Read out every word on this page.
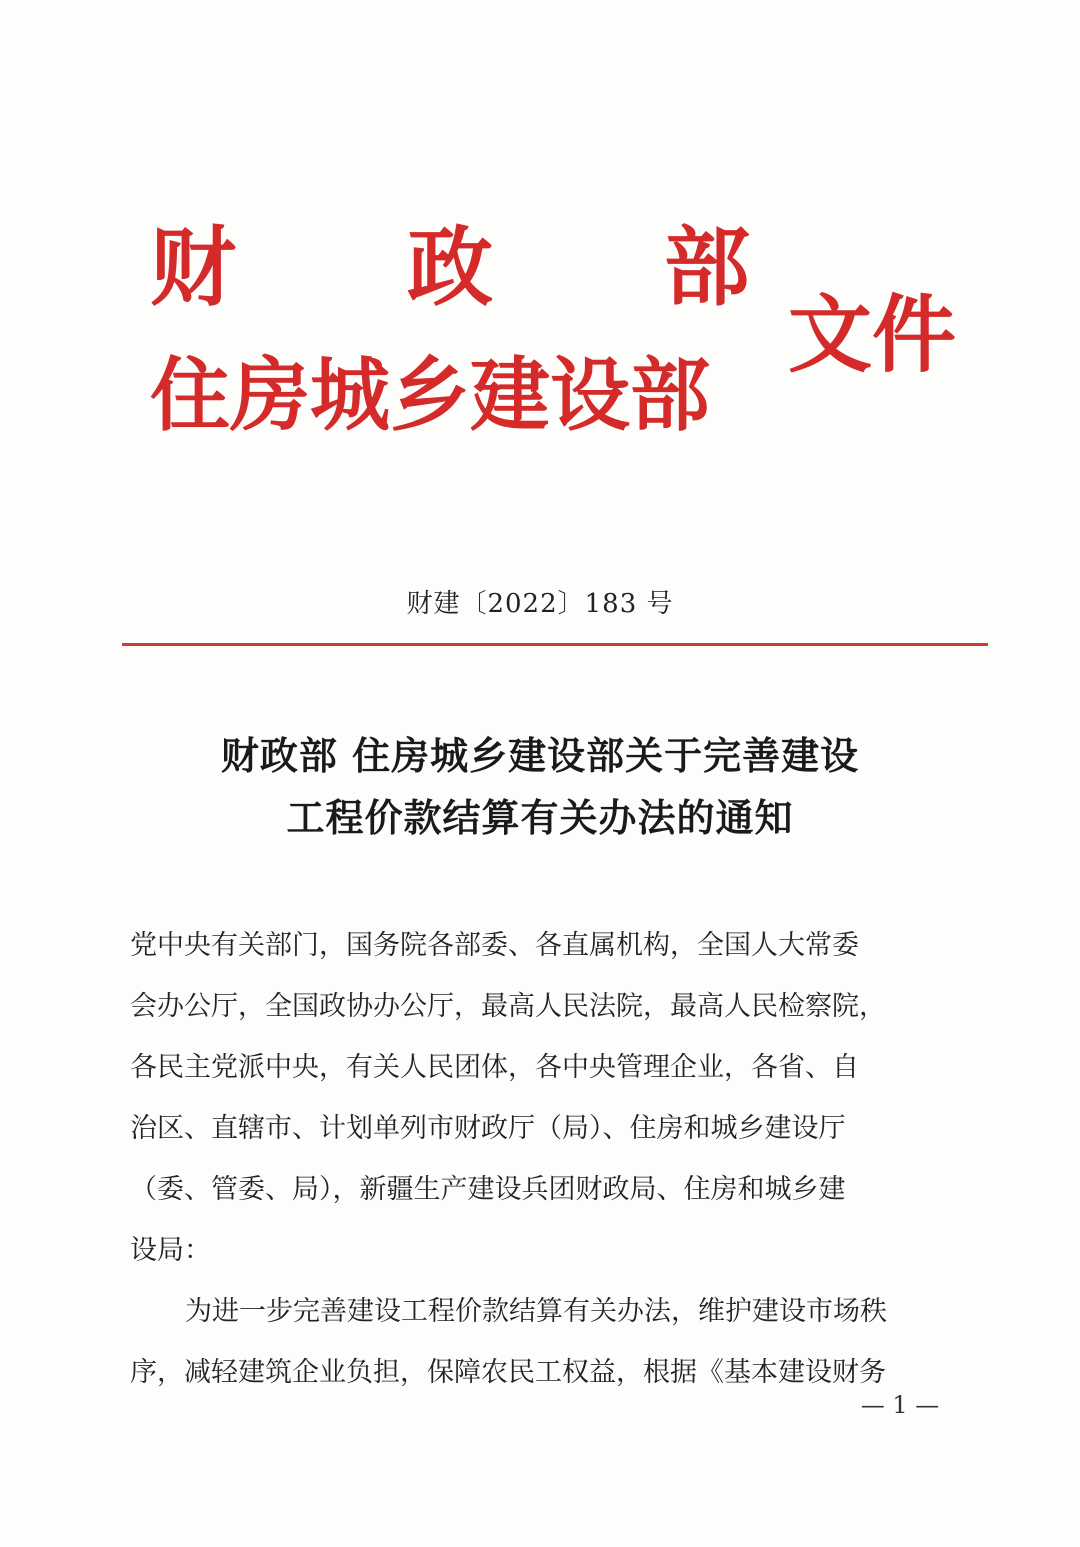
财 政 部
住房城乡建设部
文件
财建〔2022〕183 号
财政部 住房城乡建设部关于完善建设
工程价款结算有关办法的通知
党中央有关部门，国务院各部委、各直属机构，全国人大常委
会办公厅，全国政协办公厅，最高人民法院，最高人民检察院，
各民主党派中央，有关人民团体，各中央管理企业，各省、自
治区、直辖市、计划单列市财政厅（局）、住房和城乡建设厅
（委、管委、局），新疆生产建设兵团财政局、住房和城乡建
设局：
为进一步完善建设工程价款结算有关办法，维护建设市场秩
序，减轻建筑企业负担，保障农民工权益，根据《基本建设财务
— 1 —
